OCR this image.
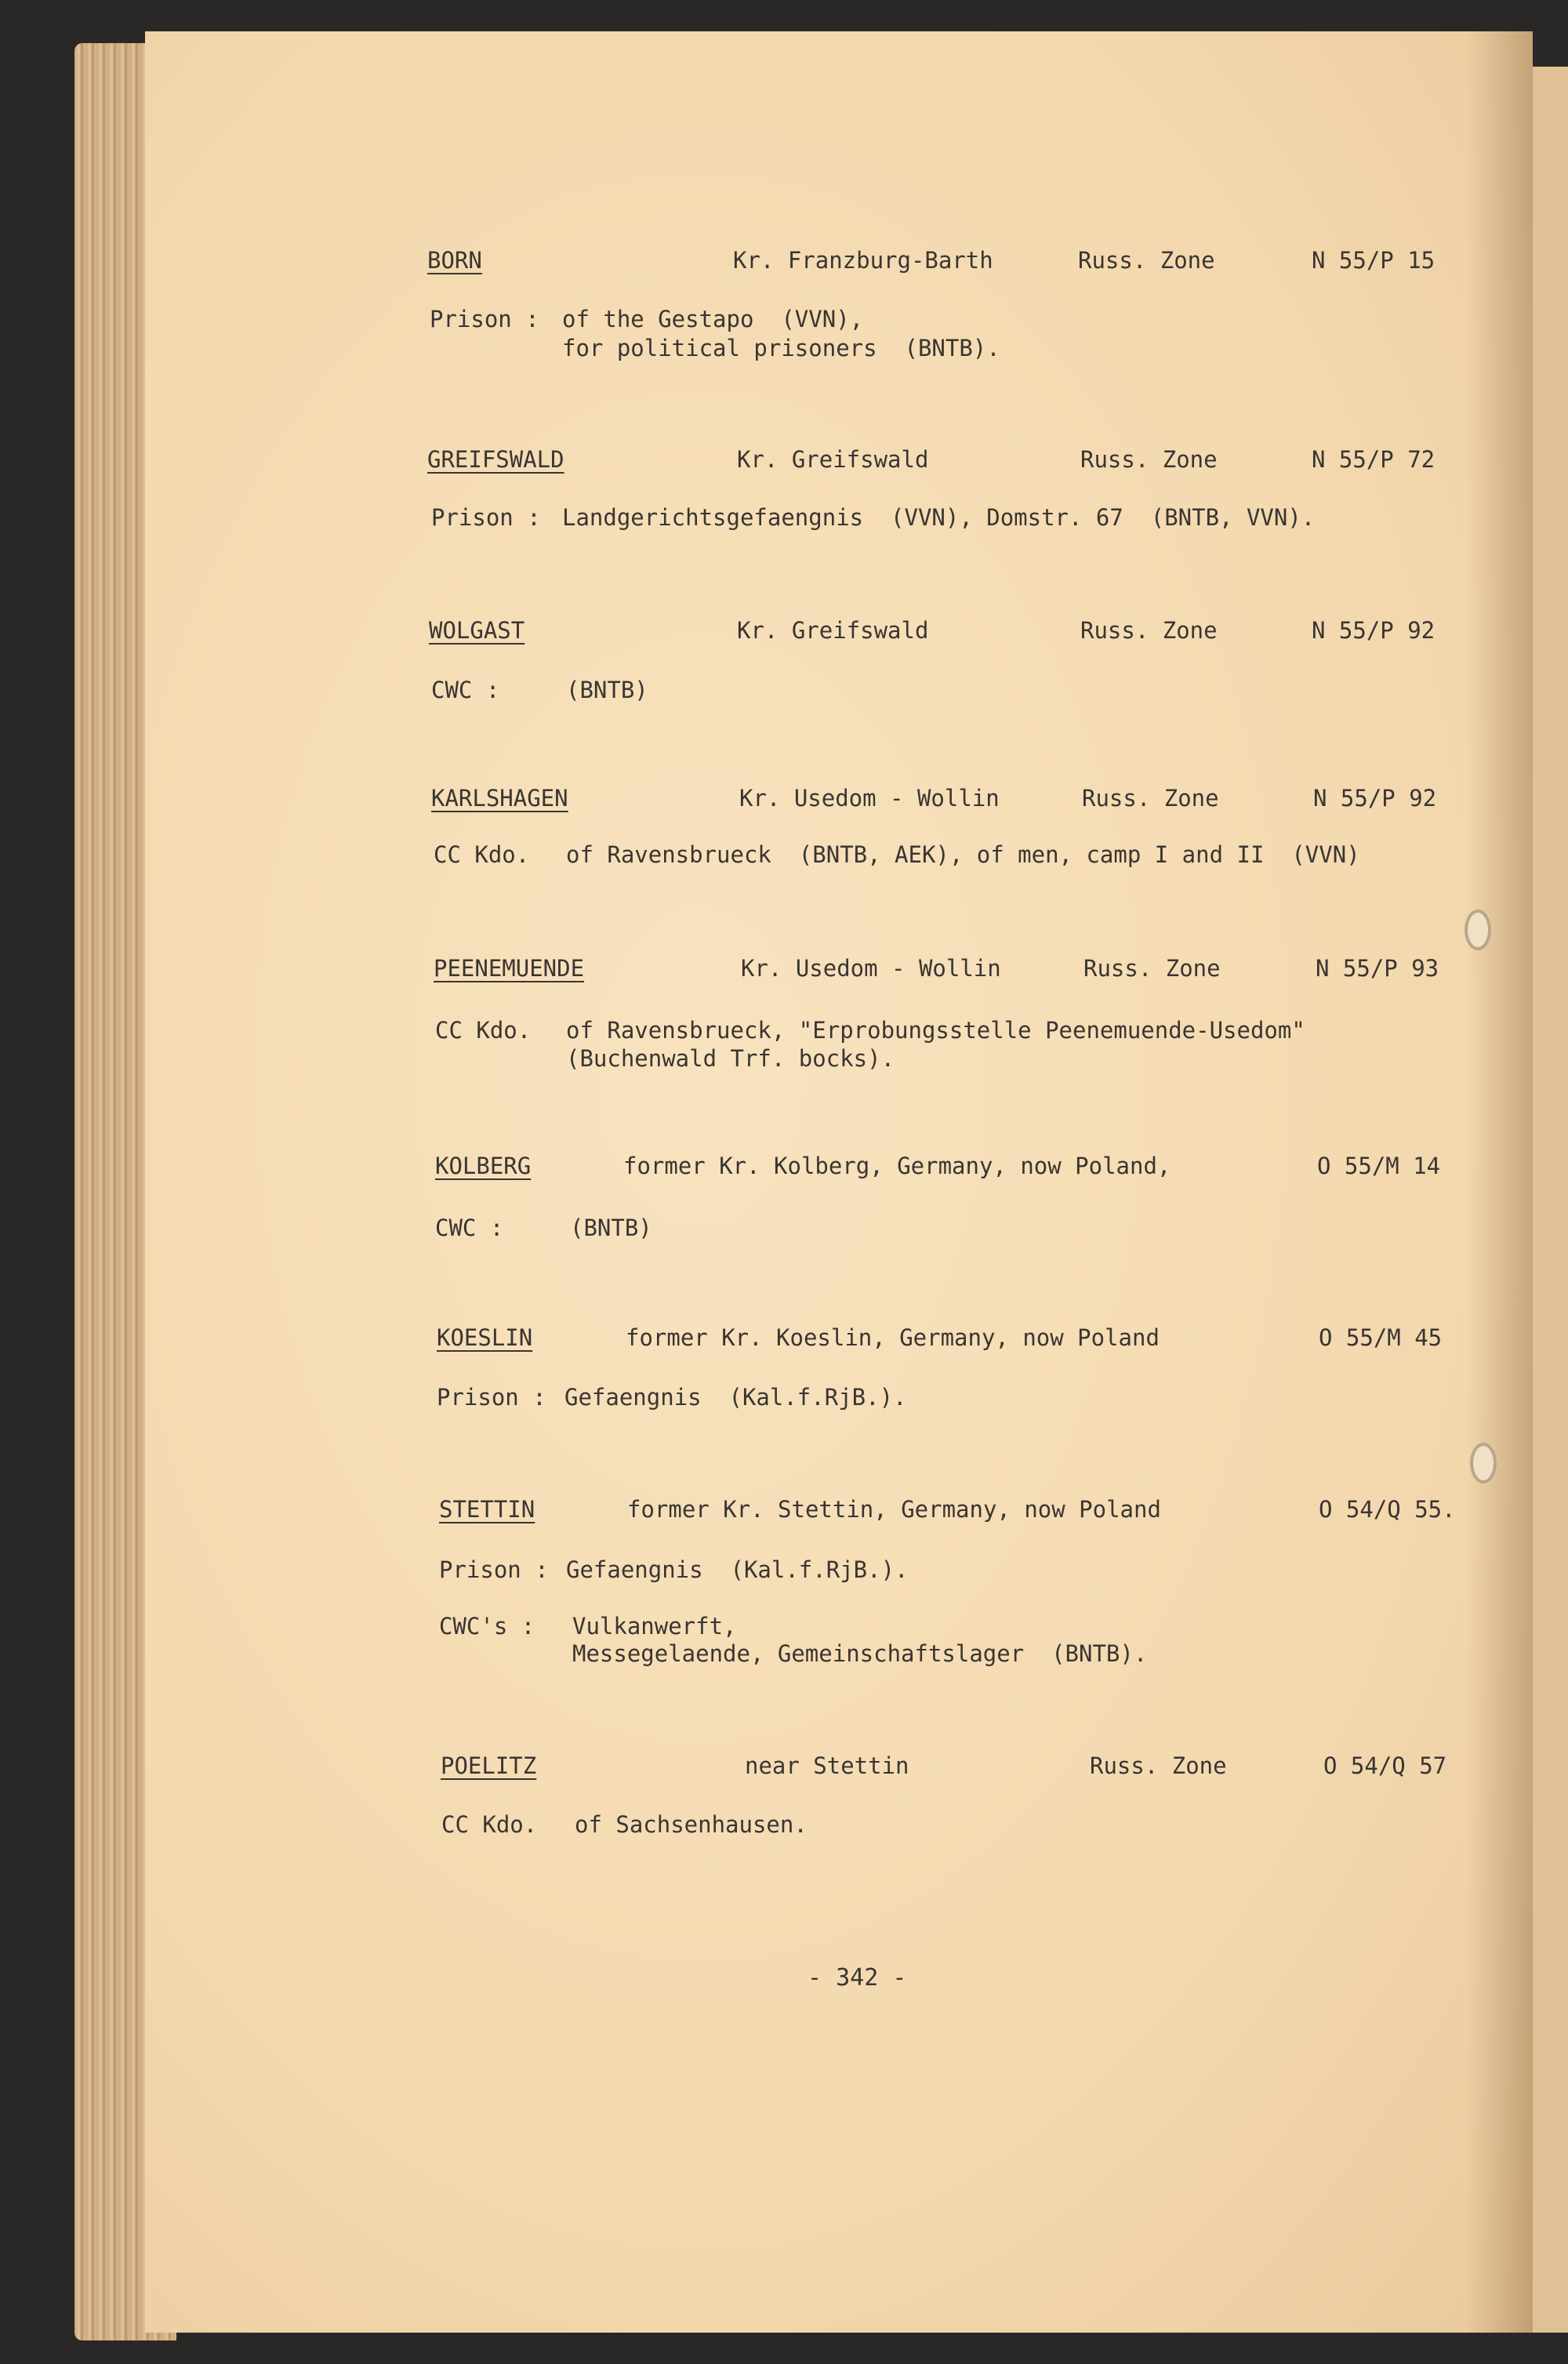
BORN	Kr. Franzburg-Barth	Russ. Zone	N 55/P 15
Prison : of the Gestapo  (VVN),
for political prisoners  (BNTB).
GREIFSWALD	Kr. Greifswald	Russ. Zone	N 55/P 72
Prison : Landgerichtsgefaengnis  (VVN), Domstr. 67  (BNTB, VVN).
WOLGAST	Kr. Greifswald	Russ. Zone	N 55/P 92
CWC :	(BNTB)
KARLSHAGEN	Kr. Usedom - Wollin	Russ. Zone	N 55/P 92
CC Kdo. of Ravensbrueck  (BNTB, AEK), of men, camp I and II  (VVN)
PEENEMUENDE	Kr. Usedom - Wollin	Russ. Zone	N 55/P 93
CC Kdo. of Ravensbrueck, "Erprobungsstelle Peenemuende-Usedom"
(Buchenwald Trf. bocks).
KOLBERG	former Kr. Kolberg, Germany, now Poland,	O 55/M 14
CWC :	(BNTB)
KOESLIN	former Kr. Koeslin, Germany, now Poland	O 55/M 45
Prison : Gefaengnis  (Kal.f.RjB.).
STETTIN	former Kr. Stettin, Germany, now Poland	O 54/Q 55.
Prison : Gefaengnis  (Kal.f.RjB.).
CWC's : Vulkanwerft,
Messegelaende, Gemeinschaftslager  (BNTB).
POELITZ	near Stettin	Russ. Zone	O 54/Q 57
CC Kdo. of Sachsenhausen.
- 342 -
